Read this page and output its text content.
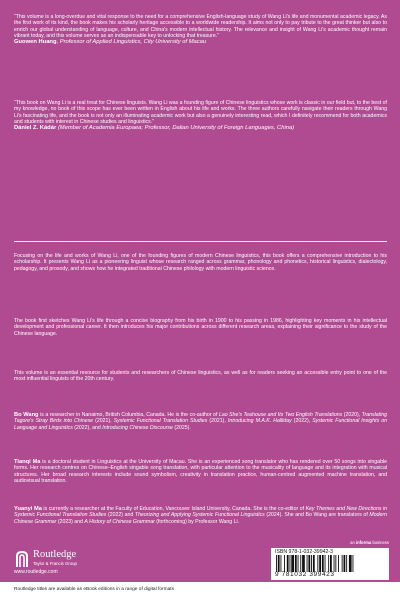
“This volume is a long-overdue and vital response to the need for a comprehensive English-language study of Wang Li's life and monumental academic legacy. As the first work of its kind, the book makes his scholarly heritage accessible to a worldwide readership. It aims not only to pay tribute to the great thinker but also to enrich our global understanding of language, culture, and China's modern intellectual history. The relevance and insight of Wang Li's academic thought remain vibrant today, and this volume serves as an indispensable key to unlocking that treasure.”

Guowen Huang, Professor of Applied Linguistics, City University of Macau

“This book on Wang Li is a real treat for Chinese linguists. Wang Li was a founding figure of Chinese linguistics whose work is classic in our field but, to the best of my knowledge, no book of this scope has ever been written in English about his life and works. The three authors carefully navigate their readers through Wang Li's fascinating life, and the book is not only an illuminating academic work but also a genuinely interesting read, which I definitely recommend for both academics and students with interest in Chinese studies and linguistics.”

Dániel Z. Kádár (Member of Academia Europaea; Professor, Dalian University of Foreign Languages, China)

Focusing on the life and works of Wang Li, one of the founding figures of modern Chinese linguistics, this book offers a comprehensive introduction to his scholarship. It presents Wang Li as a pioneering linguist whose research ranged across grammar, phonology and phonetics, historical linguistics, dialectology, pedagogy, and prosody, and shows how he integrated traditional Chinese philology with modern linguistic science.

The book first sketches Wang Li's life through a concise biography from his birth in 1900 to his passing in 1986, highlighting key moments in his intellectual development and professional career. It then introduces his major contributions across different research areas, explaining their significance to the study of the Chinese language.

This volume is an essential resource for students and researchers of Chinese linguistics, as well as for readers seeking an accessible entry point to one of the most influential linguists of the 20th century.

Bo Wang is a researcher in Nanaimo, British Columbia, Canada. He is the co-author of Lao She's Teahouse and Its Two English Translations (2020), Translating Tagore's Stray Birds into Chinese (2021), Systemic Functional Translation Studies (2021), Introducing M.A.K. Halliday (2022), Systemic Functional Insights on Language and Linguistics (2022), and Introducing Chinese Discourse (2025).

Tianqi Ma is a doctoral student in Linguistics at the University of Macau. She is an experienced song translator who has rendered over 50 songs into singable forms. Her research centres on Chinese–English singable song translation, with particular attention to the musicality of language and its integration with musical structures. Her broad research interests include sound symbolism, creativity in translation practice, human-centred augmented machine translation, and audiovisual translation.

Yuanyi Ma is currently a researcher at the Faculty of Education, Vancouver Island University, Canada. She is the co-editor of Key Themes and New Directions in Systemic Functional Translation Studies (2022) and Theorizing and Applying Systemic Functional Linguistics (2024). She and Bo Wang are translators of Modern Chinese Grammar (2023) and A History of Chinese Grammar (forthcoming) by Professor Wang Li.

Routledge
Taylor & Francis Group
www.routledge.com
an informa business
ISBN 978-1-032-39942-3
9 781032 399423
Routledge titles are available as eBook editions in a range of digital formats
